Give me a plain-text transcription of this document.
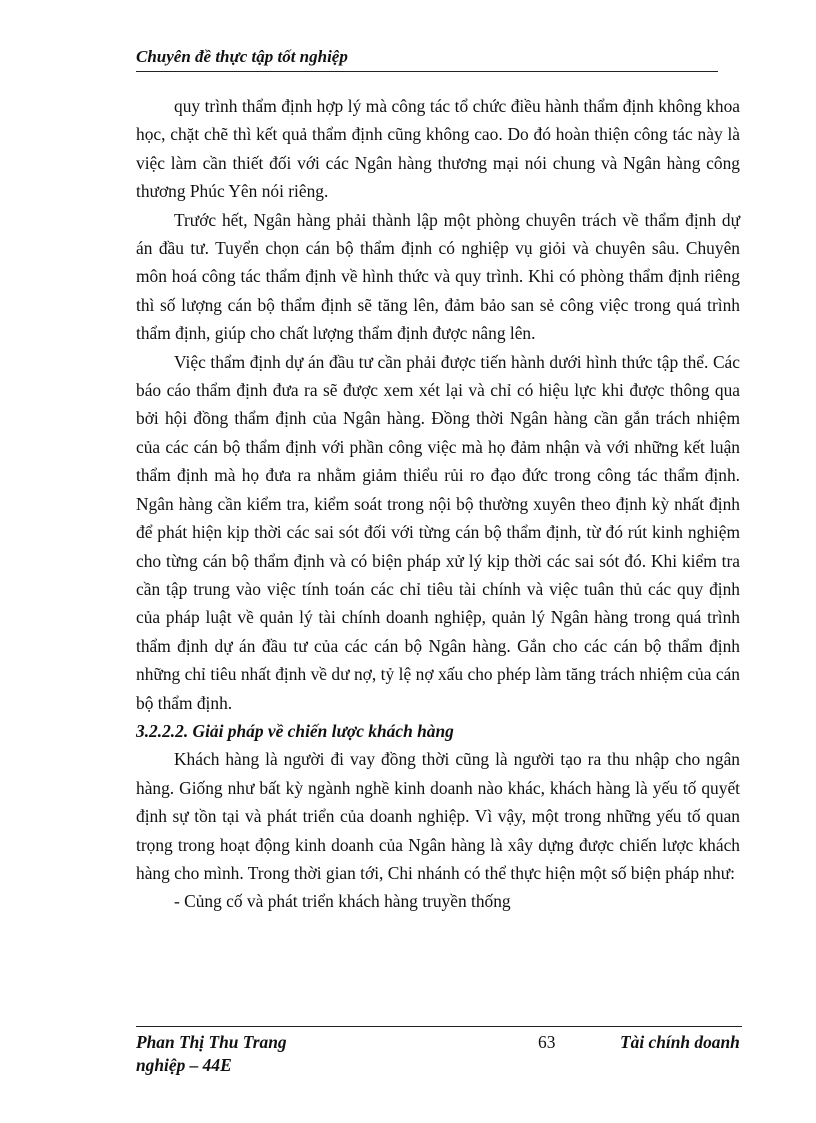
Chuyên đề thực tập tốt nghiệp

quy trình thẩm định hợp lý mà công tác tổ chức điều hành thẩm định không khoa học, chặt chẽ thì kết quả thẩm định cũng không cao. Do đó hoàn thiện công tác này là việc làm cần thiết đối với các Ngân hàng thương mại nói chung và Ngân hàng công thương Phúc Yên nói riêng.

Trước hết, Ngân hàng phải thành lập một phòng chuyên trách về thẩm định dự án đầu tư. Tuyển chọn cán bộ thẩm định có nghiệp vụ giỏi và chuyên sâu. Chuyên môn hoá công tác thẩm định về hình thức và quy trình. Khi có phòng thẩm định riêng thì số lượng cán bộ thẩm định sẽ tăng lên, đảm bảo san sẻ công việc trong quá trình thẩm định, giúp cho chất lượng thẩm định được nâng lên.

Việc thẩm định dự án đầu tư cần phải được tiến hành dưới hình thức tập thể. Các báo cáo thẩm định đưa ra sẽ được xem xét lại và chỉ có hiệu lực khi được thông qua bởi hội đồng thẩm định của Ngân hàng. Đồng thời Ngân hàng cần gắn trách nhiệm của các cán bộ thẩm định với phần công việc mà họ đảm nhận và với những kết luận thẩm định mà họ đưa ra nhằm giảm thiểu rủi ro đạo đức trong công tác thẩm định. Ngân hàng cần kiểm tra, kiểm soát trong nội bộ thường xuyên theo định kỳ nhất định để phát hiện kịp thời các sai sót đối với từng cán bộ thẩm định, từ đó rút kinh nghiệm cho từng cán bộ thẩm định và có biện pháp xử lý kịp thời các sai sót đó. Khi kiểm tra cần tập trung vào việc tính toán các chỉ tiêu tài chính và việc tuân thủ các quy định của pháp luật về quản lý tài chính doanh nghiệp, quản lý Ngân hàng trong quá trình thẩm định dự án đầu tư của các cán bộ Ngân hàng. Gắn cho các cán bộ thẩm định những chỉ tiêu nhất định về dư nợ, tỷ lệ nợ xấu cho phép làm tăng trách nhiệm của cán bộ thẩm định.

3.2.2.2. Giải pháp về chiến lược khách hàng

Khách hàng là người đi vay đồng thời cũng là người tạo ra thu nhập cho ngân hàng. Giống như bất kỳ ngành nghề kinh doanh nào khác, khách hàng là yếu tố quyết định sự tồn tại và phát triển của doanh nghiệp. Vì vậy, một trong những yếu tố quan trọng trong hoạt động kinh doanh của Ngân hàng là xây dựng được chiến lược khách hàng cho mình. Trong thời gian tới, Chi nhánh có thể thực hiện một số biện pháp như:

- Củng cố và phát triển khách hàng truyền thống

Phan Thị Thu Trang	63	Tài chính doanh
nghiệp – 44E
